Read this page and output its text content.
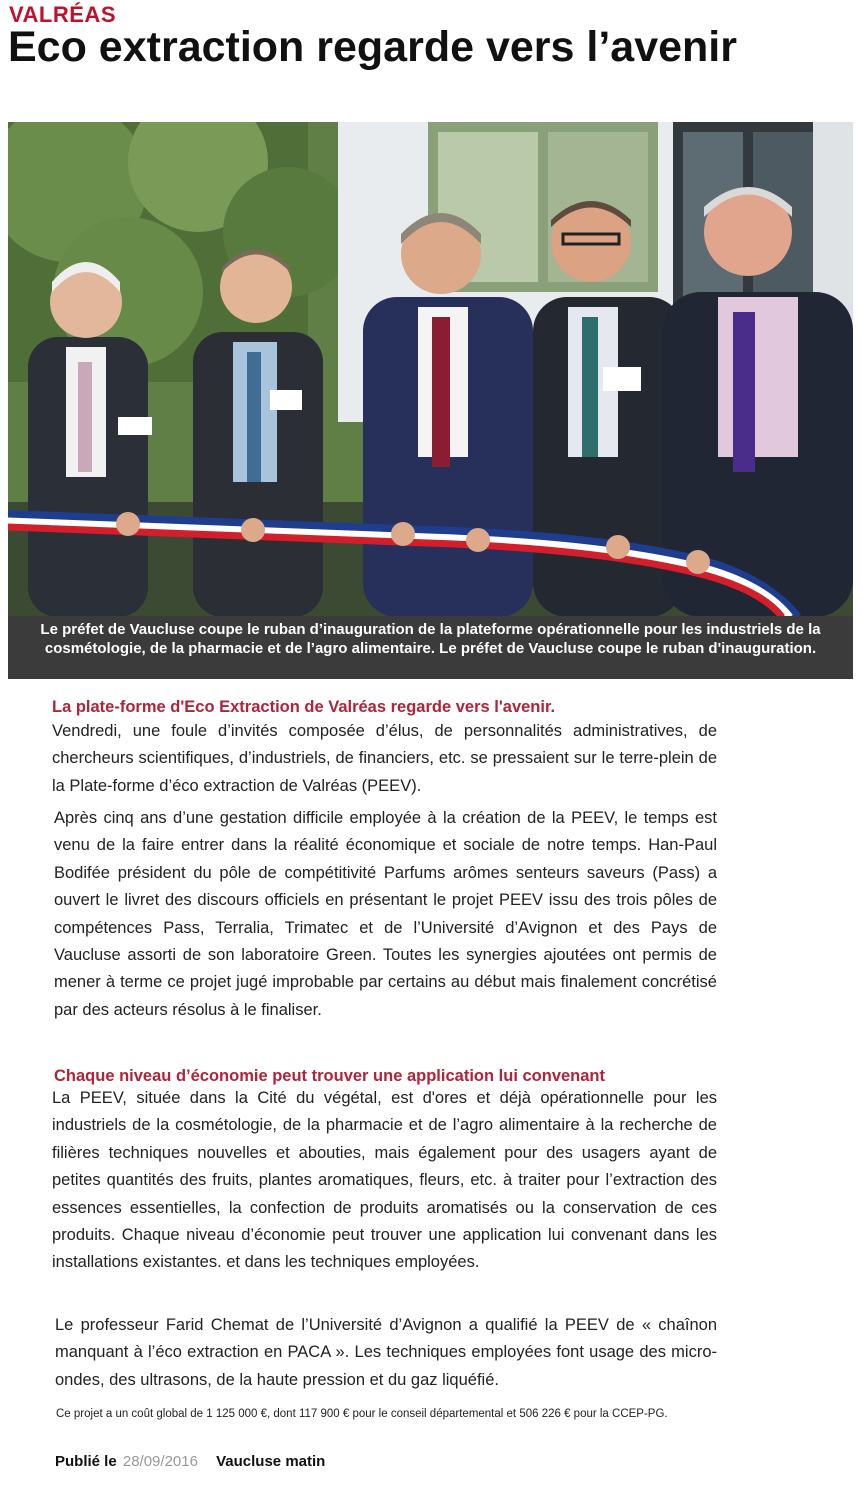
VALRÉAS
Eco extraction regarde vers l’avenir
Le préfet de Vaucluse coupe le ruban d’inauguration de la plateforme opérationnelle pour les industriels de la cosmétologie, de la pharmacie et de l’agro alimentaire. Le préfet de Vaucluse coupe le ruban d'inauguration.
La plate-forme d'Eco Extraction de Valréas regarde vers l'avenir.

Vendredi, une foule d’invités composée d’élus, de personnalités administratives, de chercheurs scientifiques, d’industriels, de financiers, etc. se pressaient sur le terre-plein de la Plate-forme d’éco extraction de Valréas (PEEV).

Après cinq ans d’une gestation difficile employée à la création de la PEEV, le temps est venu de la faire entrer dans la réalité économique et sociale de notre temps. Han-Paul Bodifée président du pôle de compétitivité Parfums arômes senteurs saveurs (Pass) a ouvert le livret des discours officiels en présentant le projet PEEV issu des trois pôles de compétences Pass, Terralia, Trimatec et de l’Université d’Avignon et des Pays de Vaucluse assorti de son laboratoire Green. Toutes les synergies ajoutées ont permis de mener à terme ce projet jugé improbable par certains au début mais finalement concrétisé par des acteurs résolus à le finaliser.

Chaque niveau d’économie peut trouver une application lui convenant

La PEEV, située dans la Cité du végétal, est d'ores et déjà opérationnelle pour les industriels de la cosmétologie, de la pharmacie et de l’agro alimentaire à la recherche de filières techniques nouvelles et abouties, mais également pour des usagers ayant de petites quantités des fruits, plantes aromatiques, fleurs, etc. à traiter pour l’extraction des essences essentielles, la confection de produits aromatisés ou la conservation de ces produits. Chaque niveau d’économie peut trouver une application lui convenant dans les installations existantes. et dans les techniques employées.

Le professeur Farid Chemat de l’Université d’Avignon a qualifié la PEEV de « chaînon manquant à l’éco extraction en PACA ». Les techniques employées font usage des micro-ondes, des ultrasons, de la haute pression et du gaz liquéfié.

Ce projet a un coût global de 1 125 000 €, dont 117 900 € pour le conseil départemental et 506 226 € pour la CCEP-PG.

Publié le 28/09/2016 Vaucluse matin
